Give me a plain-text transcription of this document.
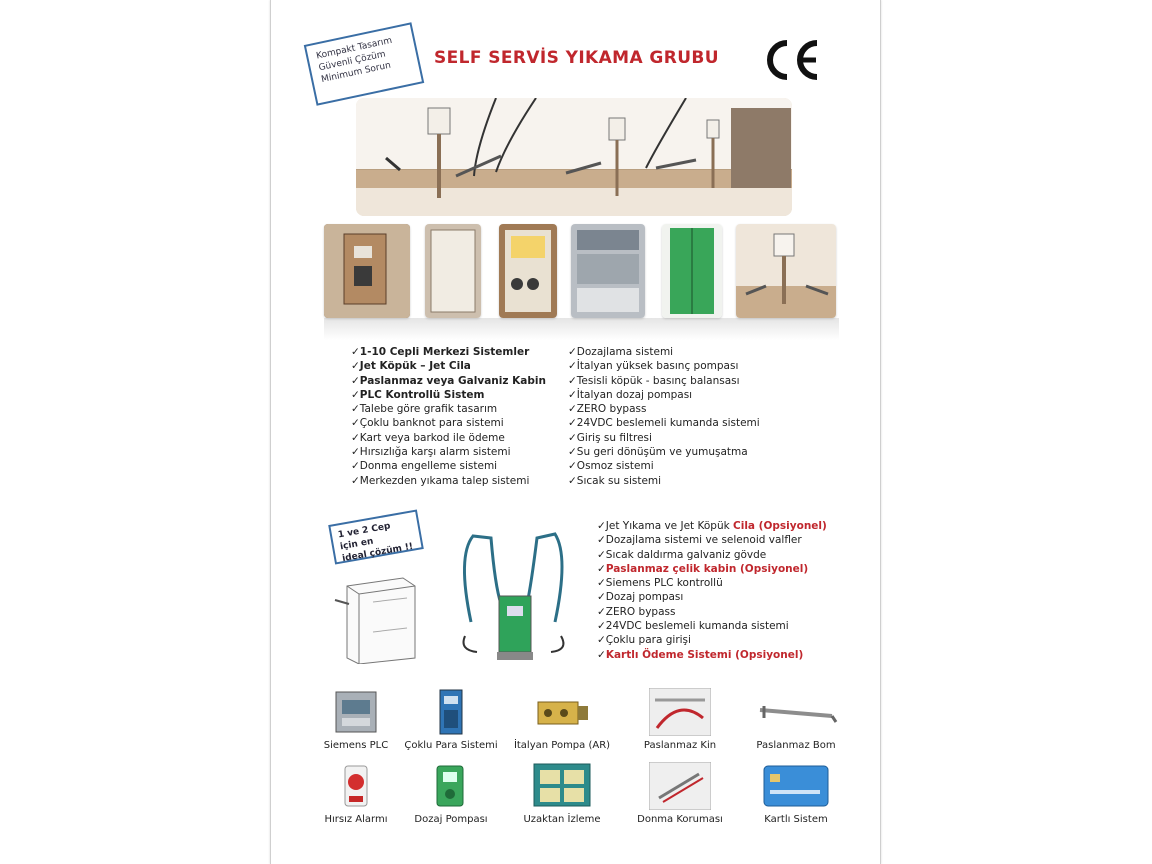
Kompakt Tasarım
Güvenli Çözüm
Minimum Sorun
SELF SERVİS YIKAMA GRUBU
✓1-10 Cepli Merkezi Sistemler
✓Jet Köpük – Jet Cila
✓Paslanmaz veya Galvaniz Kabin
✓PLC Kontrollü Sistem
✓Talebe göre grafik tasarım
✓Çoklu banknot para sistemi
✓Kart veya barkod ile ödeme
✓Hırsızlığa karşı alarm sistemi
✓Donma engelleme sistemi
✓Merkezden yıkama talep sistemi
✓Dozajlama sistemi
✓İtalyan yüksek basınç pompası
✓Tesisli köpük - basınç balansası
✓İtalyan dozaj pompası
✓ZERO bypass
✓24VDC beslemeli kumanda sistemi
✓Giriş su filtresi
✓Su geri dönüşüm ve yumuşatma
✓Osmoz sistemi
✓Sıcak su sistemi
1 ve 2 Cep için en
ideal çözüm !!
✓Jet Yıkama ve Jet Köpük Cila (Opsiyonel)
✓Dozajlama sistemi ve selenoid valfler
✓Sıcak daldırma galvaniz gövde
✓Paslanmaz çelik kabin (Opsiyonel)
✓Siemens PLC kontrollü
✓Dozaj pompası
✓ZERO bypass
✓24VDC beslemeli kumanda sistemi
✓Çoklu para girişi
✓Kartlı Ödeme Sistemi (Opsiyonel)
Siemens PLC	Çoklu Para Sistemi	İtalyan Pompa (AR)	Paslanmaz Kin	Paslanmaz Bom
Hırsız Alarmı	Dozaj Pompası	Uzaktan İzleme	Donma Koruması	Kartlı Sistem
